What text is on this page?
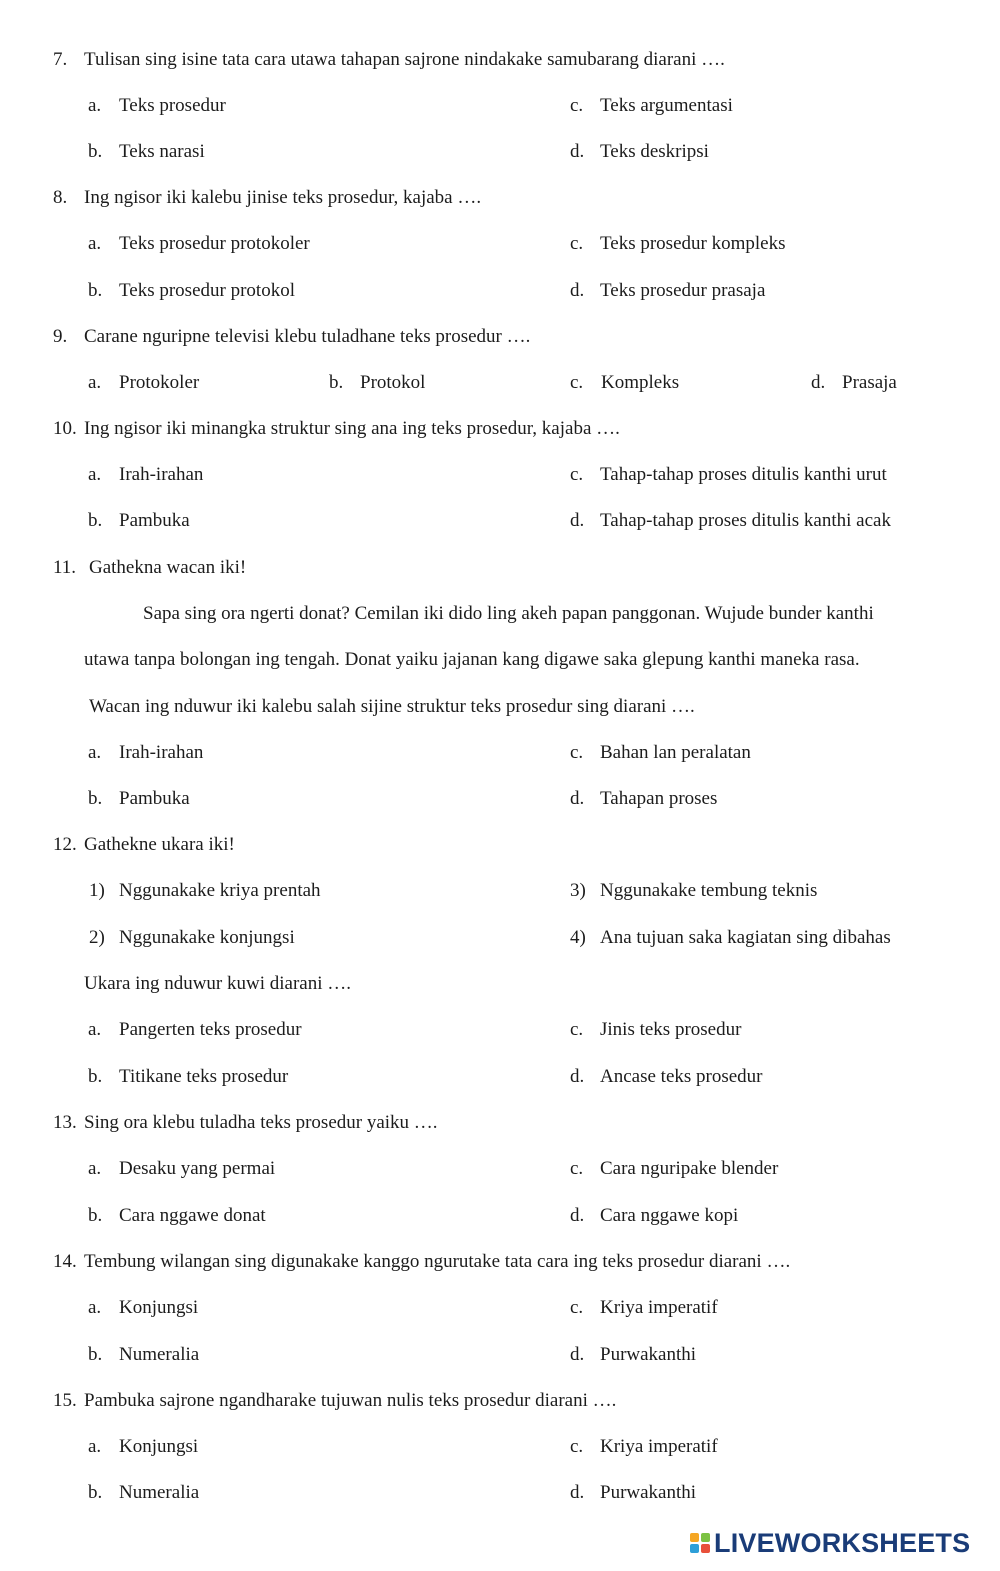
7. Tulisan sing isine tata cara utawa tahapan sajrone nindakake samubarang diarani ….
a. Teks prosedur	c. Teks argumentasi
b. Teks narasi	d. Teks deskripsi
8. Ing ngisor iki kalebu jinise teks prosedur, kajaba ….
a. Teks prosedur protokoler	c. Teks prosedur kompleks
b. Teks prosedur protokol	d. Teks prosedur prasaja
9. Carane nguripne televisi klebu tuladhane teks prosedur ….
a. Protokoler	b. Protokol	c. Kompleks	d. Prasaja
10. Ing ngisor iki minangka struktur sing ana ing teks prosedur, kajaba ….
a. Irah-irahan	c. Tahap-tahap proses ditulis kanthi urut
b. Pambuka	d. Tahap-tahap proses ditulis kanthi acak
11. Gathekna wacan iki!
Sapa sing ora ngerti donat? Cemilan iki dido ling akeh papan panggonan. Wujude bunder kanthi
utawa tanpa bolongan ing tengah. Donat yaiku jajanan kang digawe saka glepung kanthi maneka rasa.
Wacan ing nduwur iki kalebu salah sijine struktur teks prosedur sing diarani ….
a. Irah-irahan	c. Bahan lan peralatan
b. Pambuka	d. Tahapan proses
12. Gathekne ukara iki!
1) Nggunakake kriya prentah	3) Nggunakake tembung teknis
2) Nggunakake konjungsi	4) Ana tujuan saka kagiatan sing dibahas
Ukara ing nduwur kuwi diarani ….
a. Pangerten teks prosedur	c. Jinis teks prosedur
b. Titikane teks prosedur	d. Ancase teks prosedur
13. Sing ora klebu tuladha teks prosedur yaiku ….
a. Desaku yang permai	c. Cara nguripake blender
b. Cara nggawe donat	d. Cara nggawe kopi
14. Tembung wilangan sing digunakake kanggo ngurutake tata cara ing teks prosedur diarani ….
a. Konjungsi	c. Kriya imperatif
b. Numeralia	d. Purwakanthi
15. Pambuka sajrone ngandharake tujuwan nulis teks prosedur diarani ….
a. Konjungsi	c. Kriya imperatif
b. Numeralia	d. Purwakanthi
LIVEWORKSHEETS
